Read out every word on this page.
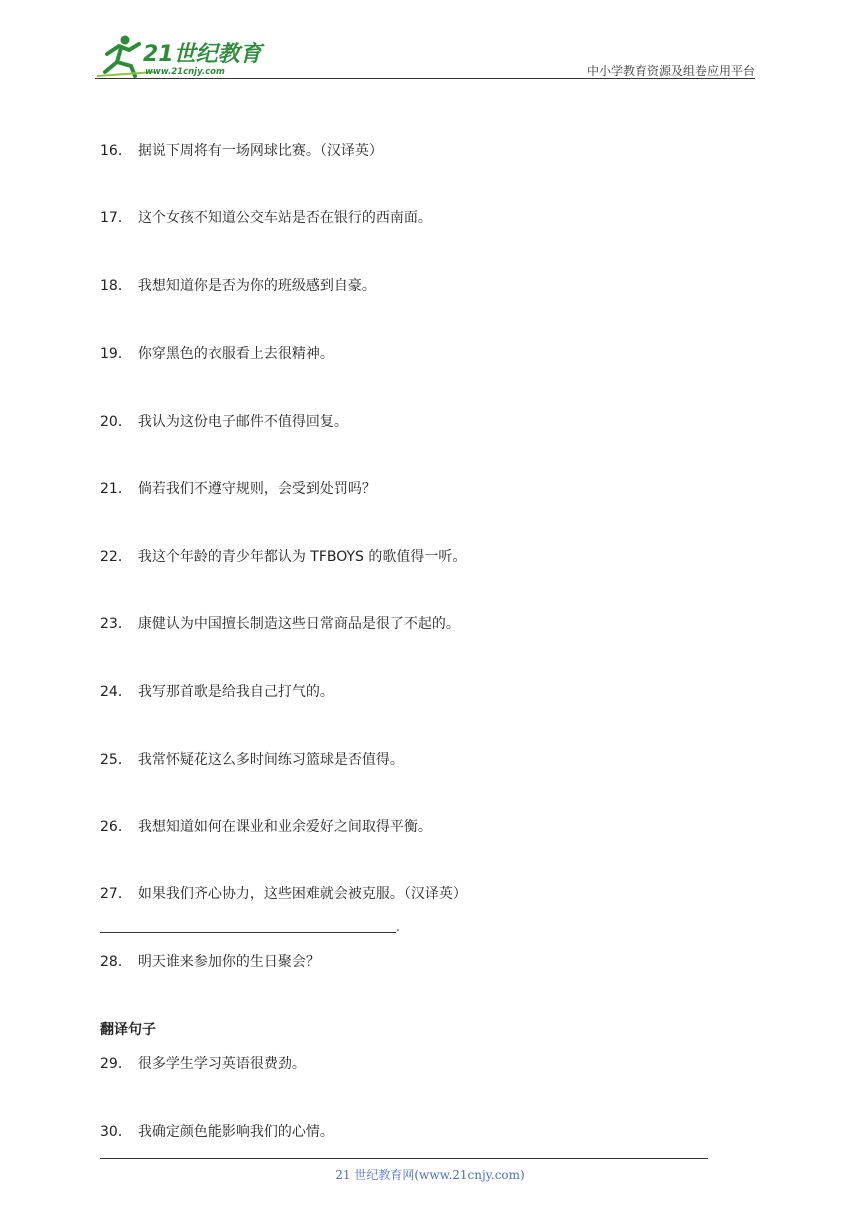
21世纪教育
www.21cnjy.com	中小学教育资源及组卷应用平台
16． 据说下周将有一场网球比赛。（汉译英）
17． 这个女孩不知道公交车站是否在银行的西南面。
18． 我想知道你是否为你的班级感到自豪。
19． 你穿黑色的衣服看上去很精神。
20． 我认为这份电子邮件不值得回复。
21． 倘若我们不遵守规则，会受到处罚吗？
22． 我这个年龄的青少年都认为 TFBOYS 的歌值得一听。
23． 康健认为中国擅长制造这些日常商品是很了不起的。
24． 我写那首歌是给我自己打气的。
25． 我常怀疑花这么多时间练习篮球是否值得。
26． 我想知道如何在课业和业余爱好之间取得平衡。
27． 如果我们齐心协力，这些困难就会被克服。（汉译英）
.
28． 明天谁来参加你的生日聚会？
翻译句子
29． 很多学生学习英语很费劲。
30． 我确定颜色能影响我们的心情。
21 世纪教育网(www.21cnjy.com)
